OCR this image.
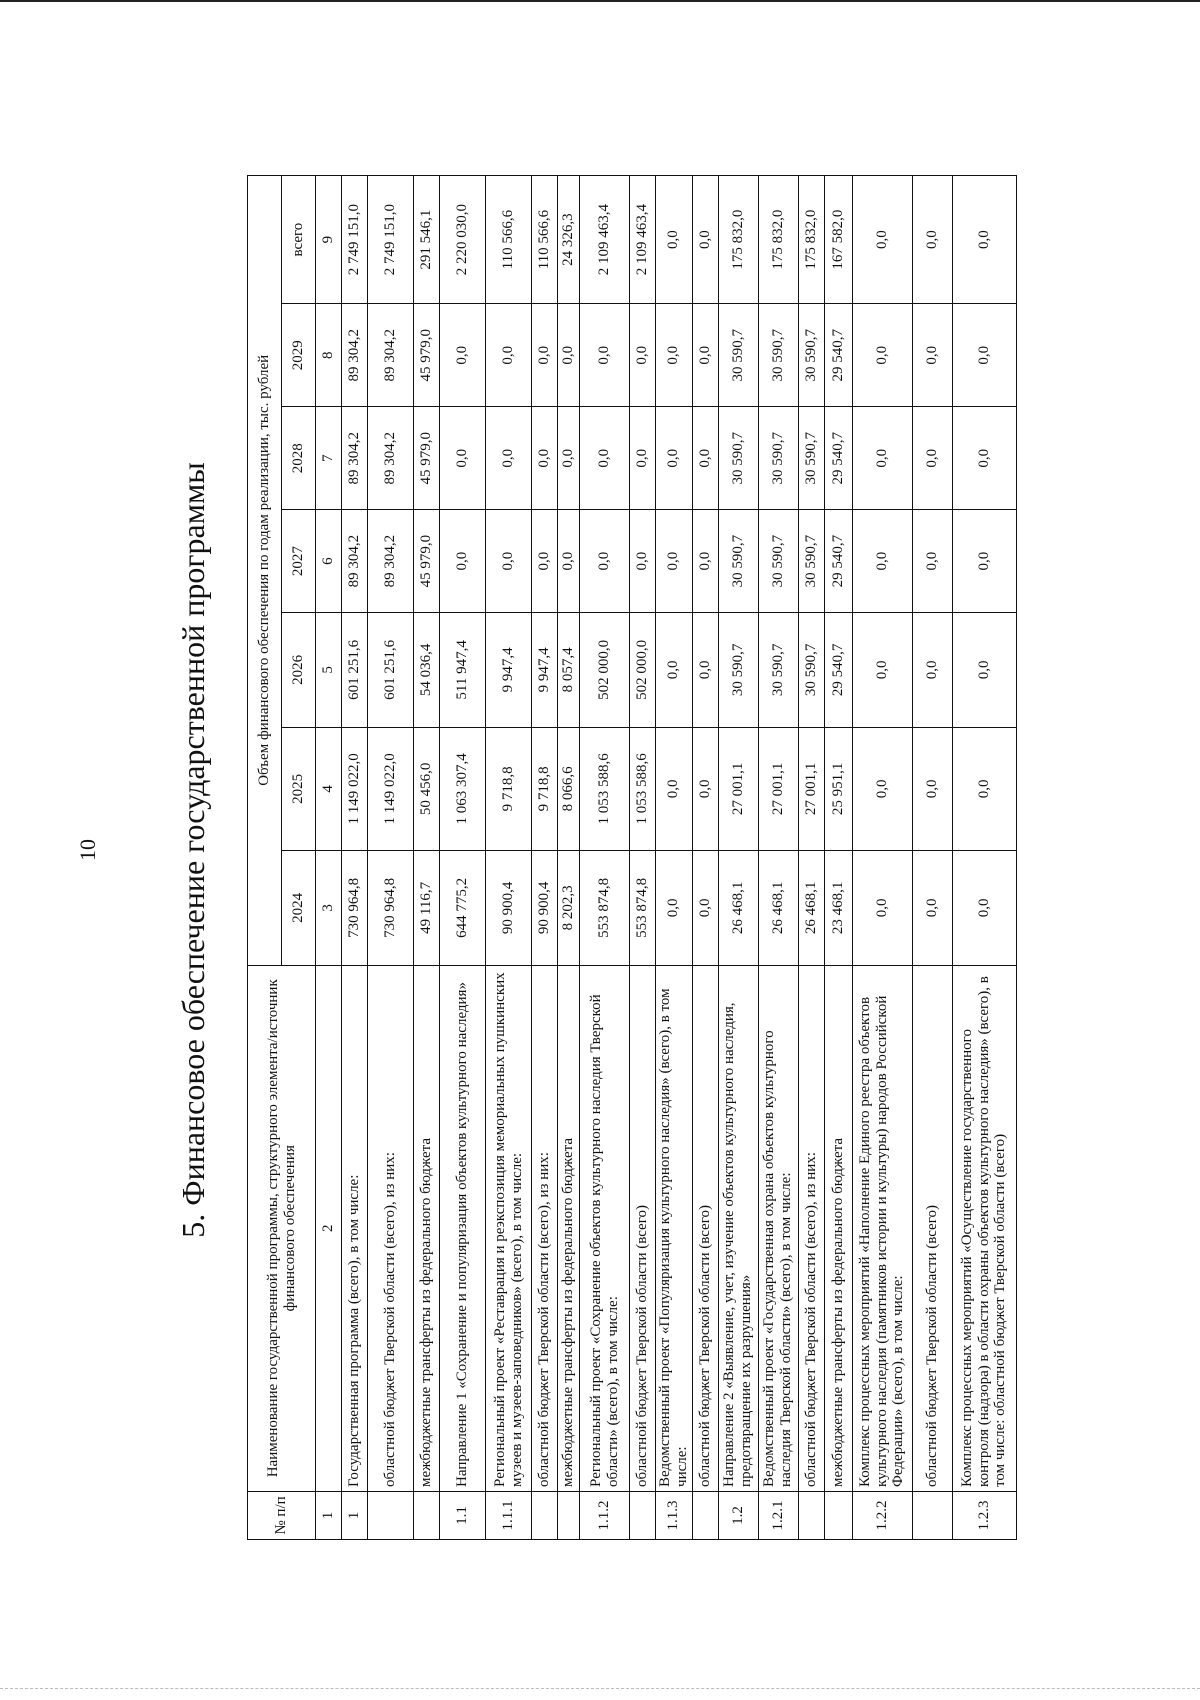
10 5. Финансовое обеспечение государственной программы
№ п/п	Наименование государственной программы, структурного элемента/источник финансового обеспечения	Объем финансового обеспечения по годам реализации, тыс. рублей						
		2024	2025	2026	2027	2028	2029	всего
1	2	3	4	5	6	7	8	9
1	Государственная программа (всего), в том числе:	730 964,8	1 149 022,0	601 251,6	89 304,2	89 304,2	89 304,2	2 749 151,0
	областной бюджет Тверской области (всего), из них:	730 964,8	1 149 022,0	601 251,6	89 304,2	89 304,2	89 304,2	2 749 151,0
	межбюджетные трансферты из федерального бюджета	49 116,7	50 456,0	54 036,4	45 979,0	45 979,0	45 979,0	291 546,1
1.1	Направление 1 «Сохранение и популяризация объектов культурного наследия»	644 775,2	1 063 307,4	511 947,4	0,0	0,0	0,0	2 220 030,0
1.1.1	Региональный проект «Реставрация и реэкспозиция мемориальных пушкинских музеев и музеев-заповедников» (всего), в том числе:	90 900,4	9 718,8	9 947,4	0,0	0,0	0,0	110 566,6
	областной бюджет Тверской области (всего), из них:	90 900,4	9 718,8	9 947,4	0,0	0,0	0,0	110 566,6
	межбюджетные трансферты из федерального бюджета	8 202,3	8 066,6	8 057,4	0,0	0,0	0,0	24 326,3
1.1.2	Региональный проект «Сохранение объектов культурного наследия Тверской области» (всего), в том числе:	553 874,8	1 053 588,6	502 000,0	0,0	0,0	0,0	2 109 463,4
	областной бюджет Тверской области (всего)	553 874,8	1 053 588,6	502 000,0	0,0	0,0	0,0	2 109 463,4
1.1.3	Ведомственный проект «Популяризация культурного наследия» (всего), в том числе:	0,0	0,0	0,0	0,0	0,0	0,0	0,0
	областной бюджет Тверской области (всего)	0,0	0,0	0,0	0,0	0,0	0,0	0,0
1.2	Направление 2 «Выявление, учет, изучение объектов культурного наследия, предотвращение их разрушения»	26 468,1	27 001,1	30 590,7	30 590,7	30 590,7	30 590,7	175 832,0
1.2.1	Ведомственный проект «Государственная охрана объектов культурного наследия Тверской области» (всего), в том числе:	26 468,1	27 001,1	30 590,7	30 590,7	30 590,7	30 590,7	175 832,0
	областной бюджет Тверской области (всего), из них:	26 468,1	27 001,1	30 590,7	30 590,7	30 590,7	30 590,7	175 832,0
	межбюджетные трансферты из федерального бюджета	23 468,1	25 951,1	29 540,7	29 540,7	29 540,7	29 540,7	167 582,0
1.2.2	Комплекс процессных мероприятий «Наполнение Единого реестра объектов культурного наследия (памятников истории и культуры) народов Российской Федерации» (всего), в том числе:	0,0	0,0	0,0	0,0	0,0	0,0	0,0
	областной бюджет Тверской области (всего)	0,0	0,0	0,0	0,0	0,0	0,0	0,0
1.2.3	Комплекс процессных мероприятий «Осуществление государственного контроля (надзора) в области охраны объектов культурного наследия» (всего), в том числе: областной бюджет Тверской области (всего)	0,0	0,0	0,0	0,0	0,0	0,0	0,0
